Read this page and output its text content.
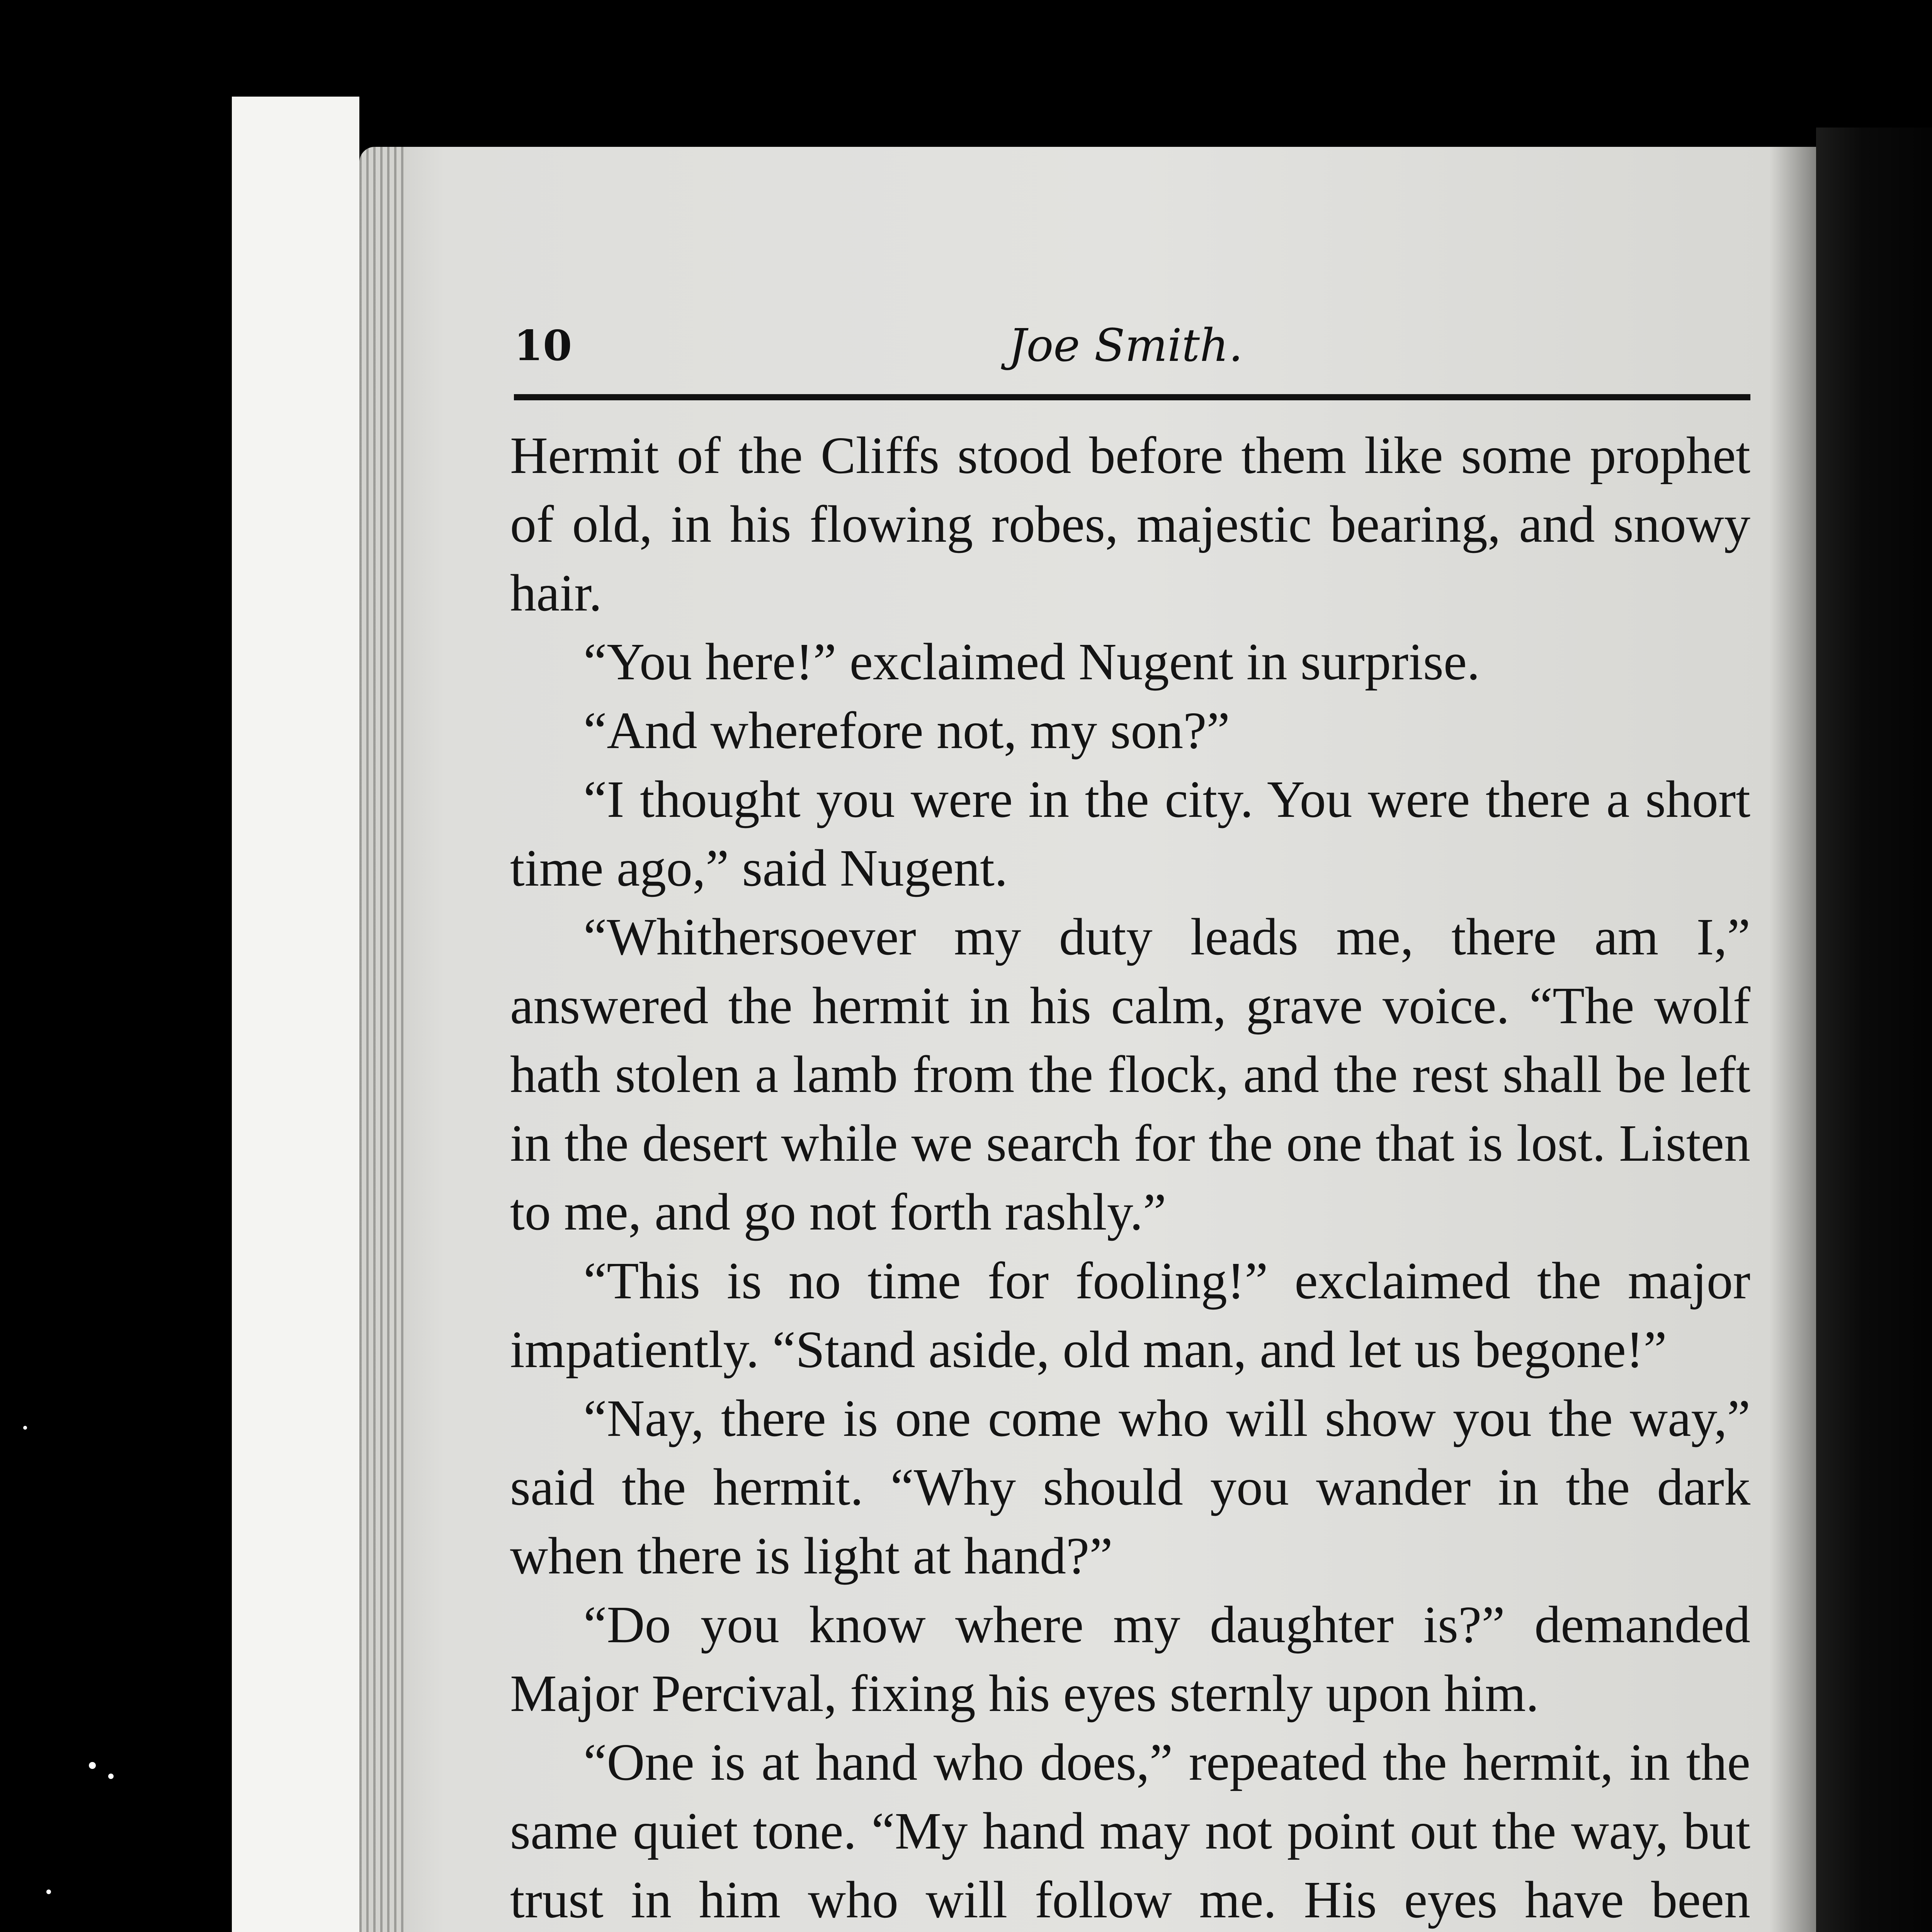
10	Joe Smith.

Hermit of the Cliffs stood before them like some prophet of old, in his flowing robes, majestic bearing, and snowy hair.

“You here!” exclaimed Nugent in surprise.

“And wherefore not, my son?”

“I thought you were in the city. You were there a short time ago,” said Nugent.

“Whithersoever my duty leads me, there am I,” answered the hermit in his calm, grave voice. “The wolf hath stolen a lamb from the flock, and the rest shall be left in the desert while we search for the one that is lost. Listen to me, and go not forth rashly.”

“This is no time for fooling!” exclaimed the major impatiently. “Stand aside, old man, and let us begone!”

“Nay, there is one come who will show you the way,” said the hermit. “Why should you wander in the dark when there is light at hand?”

“Do you know where my daughter is?” demanded Major Percival, fixing his eyes sternly upon him.

“One is at hand who does,” repeated the hermit, in the same quiet tone. “My hand may not point out the way, but trust in him who will follow me. His eyes have been
